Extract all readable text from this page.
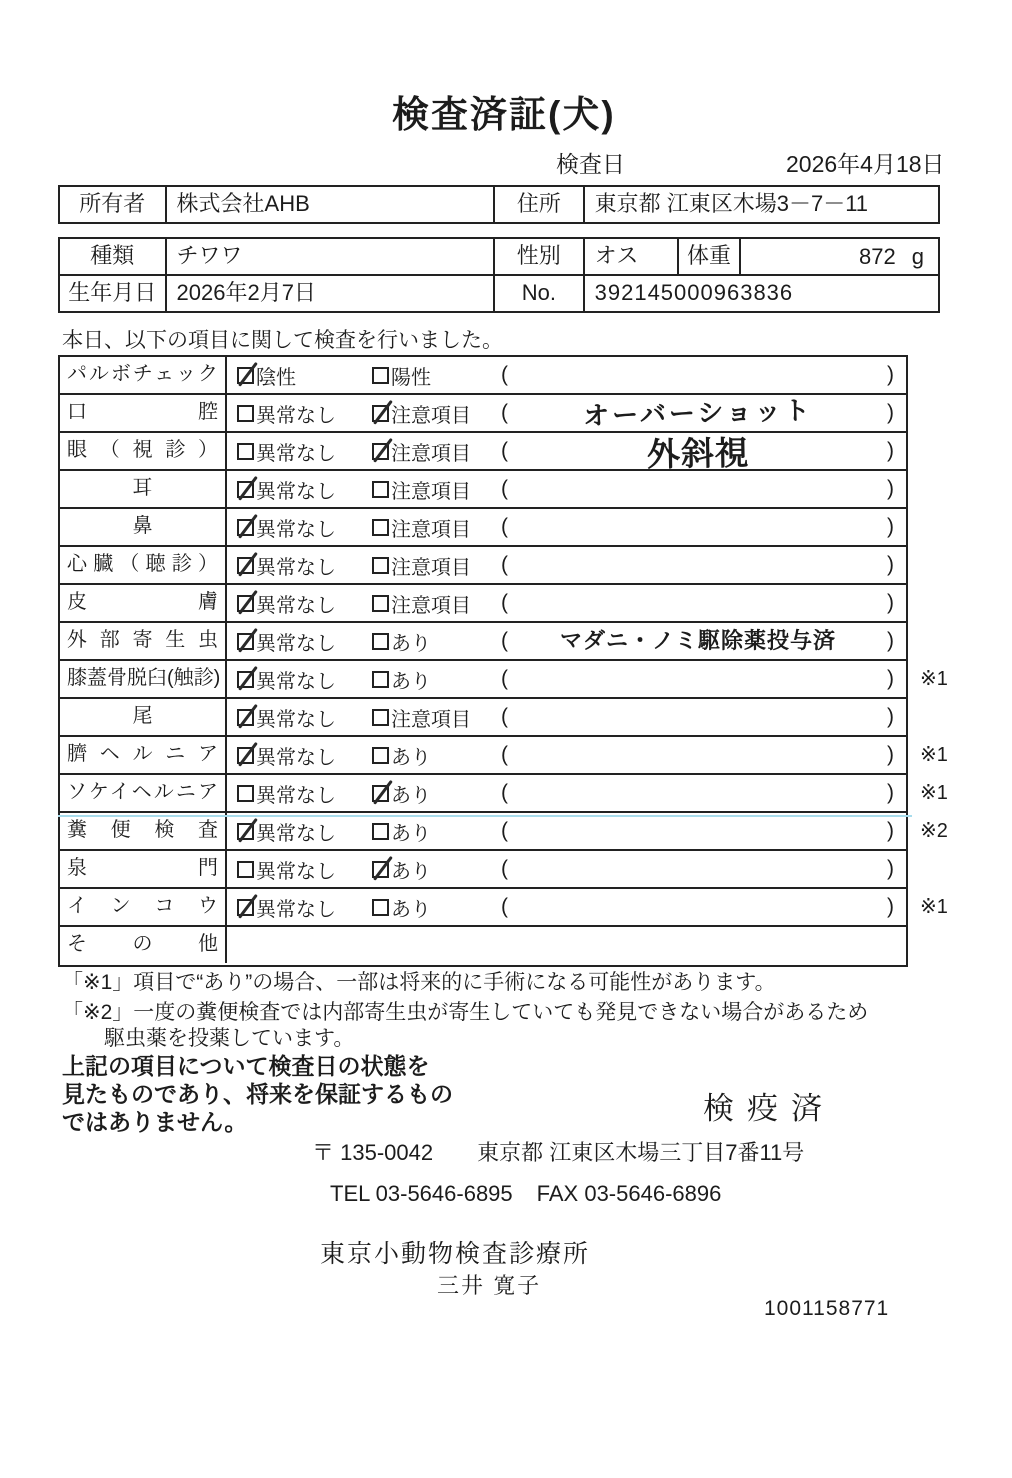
検査済証(犬)
検査日	2026年4月18日
所有者	株式会社AHB	住所	東京都 江東区木場3－7－11
種類	チワワ	性別	オス	体重	872 g
生年月日 2026年2月7日	No.	392145000963836
本日、以下の項目に関して検査を行いました。
パルボチェック	陰性	陽性	(	)
口腔	異常なし	注意項目 (	オーバーショット	)
眼（視診）	異常なし	注意項目 (	外斜視	)
耳	異常なし	注意項目 (	)
鼻	異常なし	注意項目 (	)
心臓（聴診）	異常なし	注意項目 (	)
皮膚	異常なし	注意項目 (	)
外部寄生虫	異常なし	あり	(	マダニ・ノミ駆除薬投与済	)
膝蓋骨脱臼(触診)	異常なし	あり	(	) ※1
尾	異常なし	注意項目 (	)
臍ヘルニア	異常なし	あり	(	) ※1
ソケイヘルニア	異常なし	あり	(	) ※1
糞便検査	異常なし	あり	(	) ※2
泉門	異常なし	あり	(	)
インコウ	異常なし	あり	(	) ※1
その他
「※1」項目で“あり”の場合、一部は将来的に手術になる可能性があります。
「※2」一度の糞便検査では内部寄生虫が寄生していても発見できない場合があるため
駆虫薬を投薬しています。
上記の項目について検査日の状態を
見たものであり、将来を保証するもの
ではありません。	検疫済
〒 135-0042 東京都 江東区木場三丁目7番11号
TEL 03-5646-6895 FAX 03-5646-6896
東京小動物検査診療所
三井 寛子
1001158771
